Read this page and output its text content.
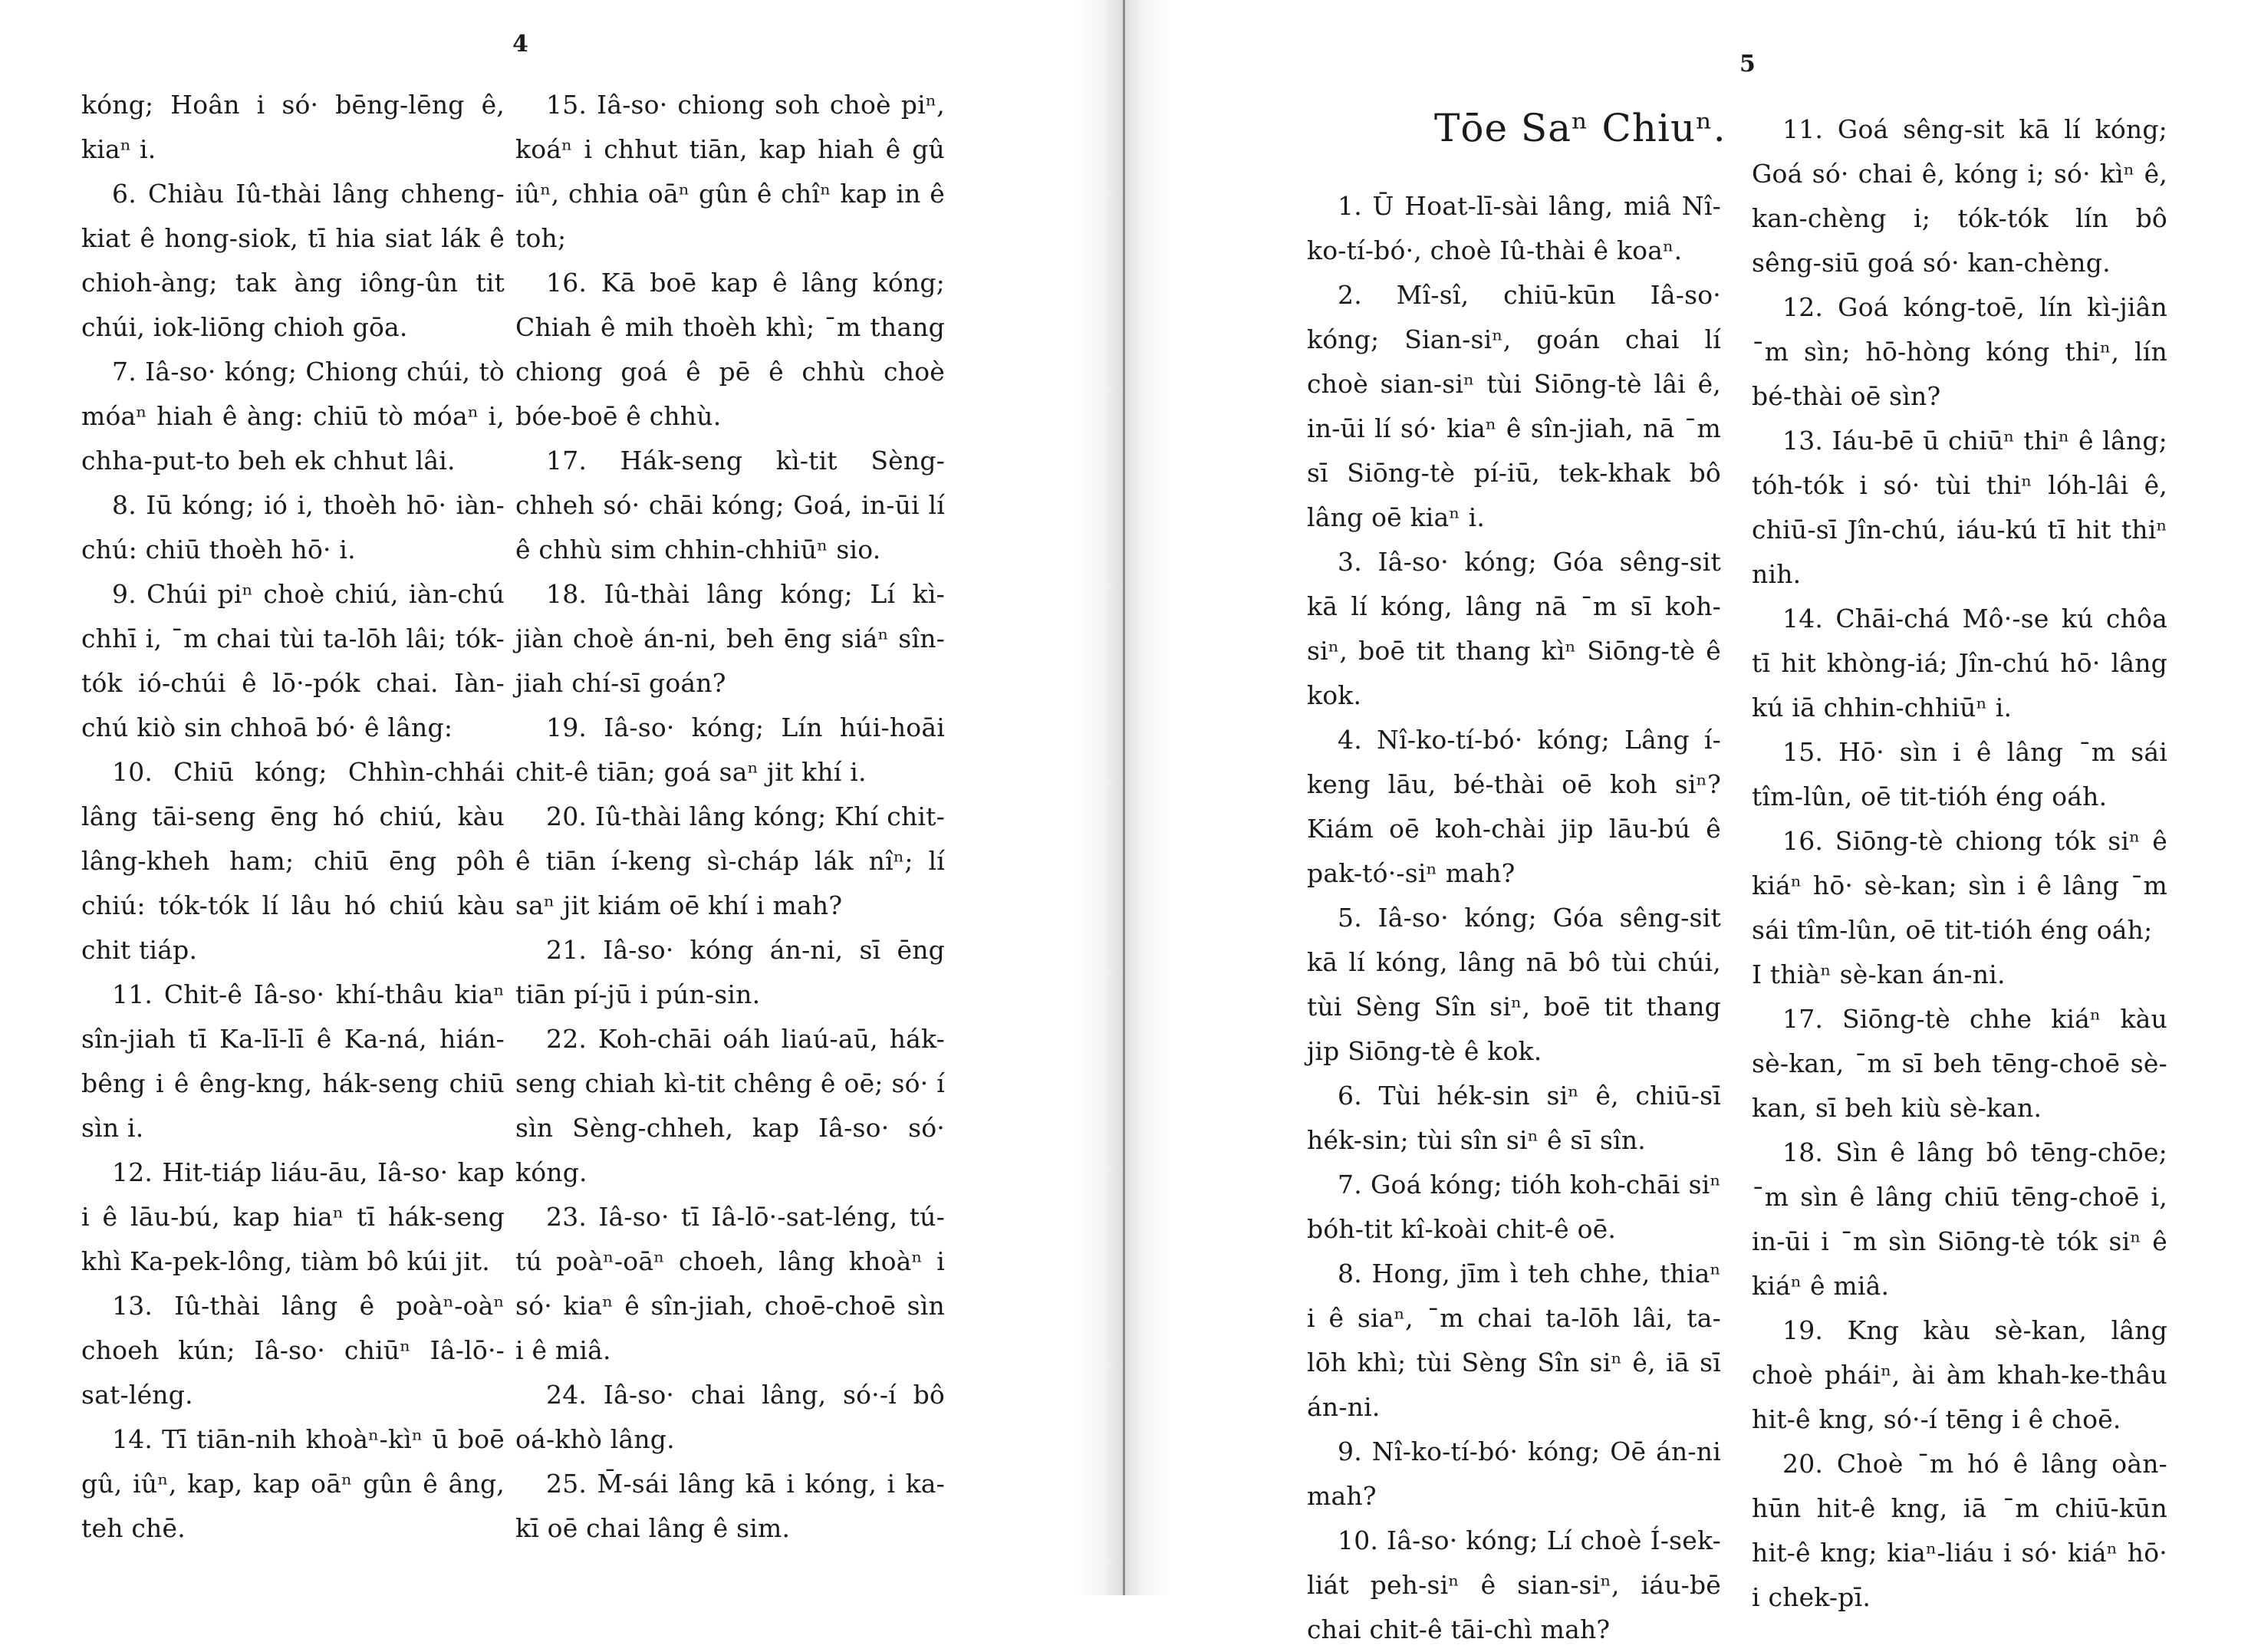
4

kóng; Hoân i só· bēng-lēng ê, kiaⁿ i.

6. Chiàu Iû-thài lâng chheng-kiat ê hong-siok, tī hia siat lák ê chioh-àng; tak àng iông-ûn tit chúi, iok-liōng chioh gōa.

7. Iâ-so· kóng; Chiong chúi, tò móaⁿ hiah ê àng: chiū tò móaⁿ i, chha-put-to beh ek chhut lâi.

8. Iū kóng; ió i, thoèh hō· iàn-chú: chiū thoèh hō· i.

9. Chúi piⁿ choè chiú, iàn-chú chhī i, ˉm chai tùi ta-lōh lâi; tók-tók ió-chúi ê lō·-pók chai. Iàn-chú kiò sin chhoā bó· ê lâng:

10. Chiū kóng; Chhìn-chhái lâng tāi-seng ēng hó chiú, kàu lâng-kheh ham; chiū ēng pôh chiú: tók-tók lí lâu hó chiú kàu chit tiáp.

11. Chit-ê Iâ-so· khí-thâu kiaⁿ sîn-jiah tī Ka-lī-lī ê Ka-ná, hián-bêng i ê êng-kng, hák-seng chiū sìn i.

12. Hit-tiáp liáu-āu, Iâ-so· kap i ê lāu-bú, kap hiaⁿ tī hák-seng khì Ka-pek-lông, tiàm bô kúi jit.

13. Iû-thài lâng ê poàⁿ-oàⁿ choeh kún; Iâ-so· chiūⁿ Iâ-lō·-sat-léng.

14. Tī tiān-nih khoàⁿ-kìⁿ ū boē gû, iûⁿ, kap, kap oāⁿ gûn ê âng, teh chē.

15. Iâ-so· chiong soh choè piⁿ, koáⁿ i chhut tiān, kap hiah ê gû iûⁿ, chhia oāⁿ gûn ê chîⁿ kap in ê toh;

16. Kā boē kap ê lâng kóng; Chiah ê mih thoèh khì; ˉm thang chiong goá ê pē ê chhù choè bóe-boē ê chhù.

17. Hák-seng kì-tit Sèng-chheh só· chāi kóng; Goá, in-ūi lí ê chhù sim chhin-chhiūⁿ sio.

18. Iû-thài lâng kóng; Lí kì-jiàn choè án-ni, beh ēng siáⁿ sîn-jiah chí-sī goán?

19. Iâ-so· kóng; Lín húi-hoāi chit-ê tiān; goá saⁿ jit khí i.

20. Iû-thài lâng kóng; Khí chit-ê tiān í-keng sì-cháp lák nîⁿ; lí saⁿ jit kiám oē khí i mah?

21. Iâ-so· kóng án-ni, sī ēng tiān pí-jū i pún-sin.

22. Koh-chāi oáh liaú-aū, hák-seng chiah kì-tit chêng ê oē; só· í sìn Sèng-chheh, kap Iâ-so· só· kóng.

23. Iâ-so· tī Iâ-lō·-sat-léng, tú-tú poàⁿ-oāⁿ choeh, lâng khoàⁿ i só· kiaⁿ ê sîn-jiah, choē-choē sìn i ê miâ.

24. Iâ-so· chai lâng, só·-í bô oá-khò lâng.

25. M̄-sái lâng kā i kóng, i ka-kī oē chai lâng ê sim.

5

Tōe Saⁿ Chiuⁿ.

1. Ū Hoat-lī-sài lâng, miâ Nî-ko-tí-bó·, choè Iû-thài ê koaⁿ.

2. Mî-sî, chiū-kūn Iâ-so· kóng; Sian-siⁿ, goán chai lí choè sian-siⁿ tùi Siōng-tè lâi ê, in-ūi lí só· kiaⁿ ê sîn-jiah, nā ˉm sī Siōng-tè pí-iū, tek-khak bô lâng oē kiaⁿ i.

3. Iâ-so· kóng; Góa sêng-sit kā lí kóng, lâng nā ˉm sī koh-siⁿ, boē tit thang kìⁿ Siōng-tè ê kok.

4. Nî-ko-tí-bó· kóng; Lâng í-keng lāu, bé-thài oē koh siⁿ? Kiám oē koh-chài jip lāu-bú ê pak-tó·-siⁿ mah?

5. Iâ-so· kóng; Góa sêng-sit kā lí kóng, lâng nā bô tùi chúi, tùi Sèng Sîn siⁿ, boē tit thang jip Siōng-tè ê kok.

6. Tùi hék-sin siⁿ ê, chiū-sī hék-sin; tùi sîn siⁿ ê sī sîn.

7. Goá kóng; tióh koh-chāi siⁿ bóh-tit kî-koài chit-ê oē.

8. Hong, jīm ì teh chhe, thiaⁿ i ê siaⁿ, ˉm chai ta-lōh lâi, ta-lōh khì; tùi Sèng Sîn siⁿ ê, iā sī án-ni.

9. Nî-ko-tí-bó· kóng; Oē án-ni mah?

10. Iâ-so· kóng; Lí choè Í-sek-liát peh-siⁿ ê sian-siⁿ, iáu-bē chai chit-ê tāi-chì mah?

11. Goá sêng-sit kā lí kóng; Goá só· chai ê, kóng i; só· kìⁿ ê, kan-chèng i; tók-tók lín bô sêng-siū goá só· kan-chèng.

12. Goá kóng-toē, lín kì-jiân ˉm sìn; hō-hòng kóng thiⁿ, lín bé-thài oē sìn?

13. Iáu-bē ū chiūⁿ thiⁿ ê lâng; tóh-tók i só· tùi thiⁿ lóh-lâi ê, chiū-sī Jîn-chú, iáu-kú tī hit thiⁿ nih.

14. Chāi-chá Mô·-se kú chôa tī hit khòng-iá; Jîn-chú hō· lâng kú iā chhin-chhiūⁿ i.

15. Hō· sìn i ê lâng ˉm sái tîm-lûn, oē tit-tióh éng oáh.

16. Siōng-tè chiong tók siⁿ ê kiáⁿ hō· sè-kan; sìn i ê lâng ˉm sái tîm-lûn, oē tit-tióh éng oáh;

I thiàⁿ sè-kan án-ni.

17. Siōng-tè chhe kiáⁿ kàu sè-kan, ˉm sī beh tēng-choē sè-kan, sī beh kiù sè-kan.

18. Sìn ê lâng bô tēng-chōe; ˉm sìn ê lâng chiū tēng-choē i, in-ūi i ˉm sìn Siōng-tè tók siⁿ ê kiáⁿ ê miâ.

19. Kng kàu sè-kan, lâng choè pháiⁿ, ài àm khah-ke-thâu hit-ê kng, só·-í tēng i ê choē.

20. Choè ˉm hó ê lâng oàn-hūn hit-ê kng, iā ˉm chiū-kūn hit-ê kng; kiaⁿ-liáu i só· kiáⁿ hō· i chek-pī.
